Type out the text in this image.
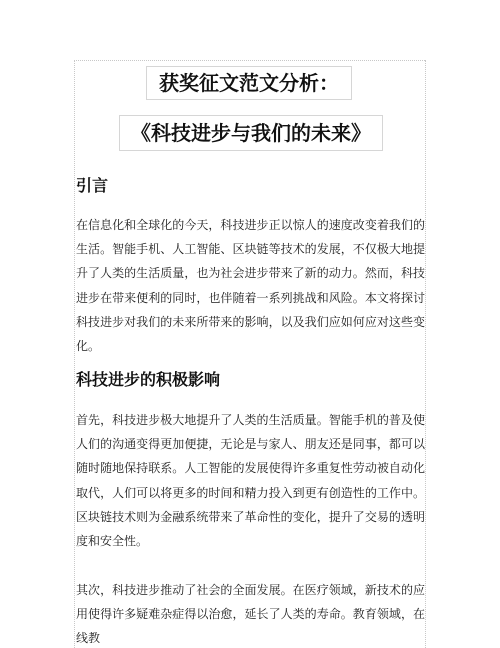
获奖征文范文分析：
《科技进步与我们的未来》
引言

在信息化和全球化的今天，科技进步正以惊人的速度改变着我们的生活。智能手机、人工智能、区块链等技术的发展，不仅极大地提升了人类的生活质量，也为社会进步带来了新的动力。然而，科技进步在带来便利的同时，也伴随着一系列挑战和风险。本文将探讨科技进步对我们的未来所带来的影响，以及我们应如何应对这些变化。

科技进步的积极影响

首先，科技进步极大地提升了人类的生活质量。智能手机的普及使人们的沟通变得更加便捷，无论是与家人、朋友还是同事，都可以随时随地保持联系。人工智能的发展使得许多重复性劳动被自动化取代，人们可以将更多的时间和精力投入到更有创造性的工作中。区块链技术则为金融系统带来了革命性的变化，提升了交易的透明度和安全性。

其次，科技进步推动了社会的全面发展。在医疗领域，新技术的应用使得许多疑难杂症得以治愈，延长了人类的寿命。教育领域，在线教
